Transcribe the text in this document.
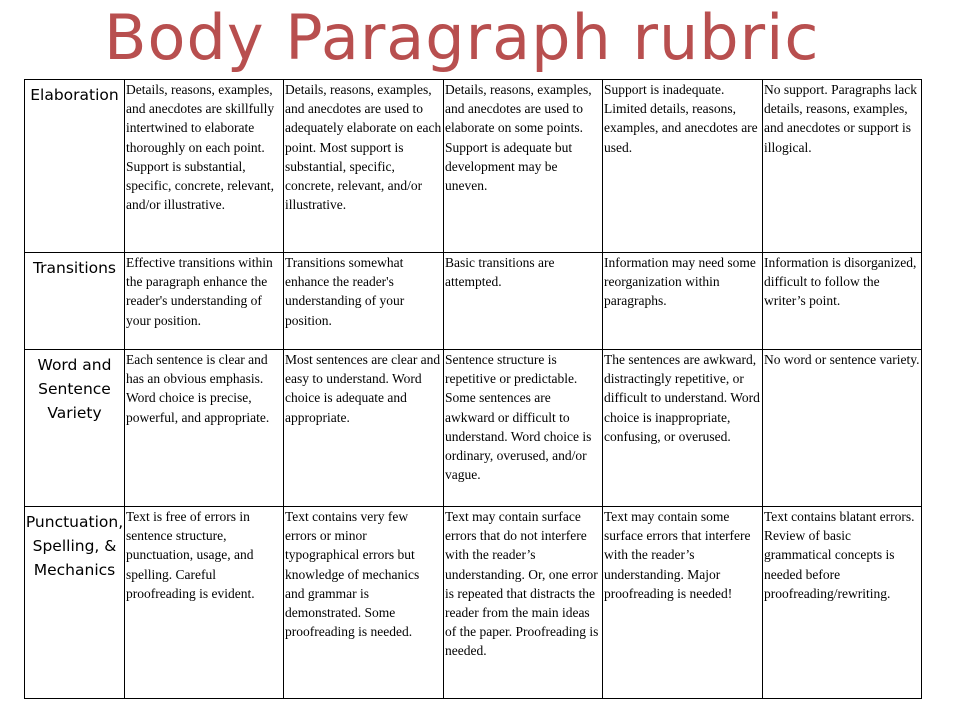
Body Paragraph rubric
Elaboration	Details, reasons, examples, and anecdotes are skillfully intertwined to elaborate thoroughly on each point. Support is substantial, specific, concrete, relevant, and/or illustrative.	Details, reasons, examples, and anecdotes are used to adequately elaborate on each point. Most support is substantial, specific, concrete, relevant, and/or illustrative.	Details, reasons, examples, and anecdotes are used to elaborate on some points. Support is adequate but development may be uneven.	Support is inadequate. Limited details, reasons, examples, and anecdotes are used.	No support. Paragraphs lack details, reasons, examples, and anecdotes or support is illogical.
Transitions	Effective transitions within the paragraph enhance the reader's understanding of your position.	Transitions somewhat enhance the reader's understanding of your position.	Basic transitions are attempted.	Information may need some reorganization within paragraphs.	Information is disorganized, difficult to follow the writer’s point.
Word and Sentence Variety	Each sentence is clear and has an obvious emphasis. Word choice is precise, powerful, and appropriate.	Most sentences are clear and easy to understand. Word choice is adequate and appropriate.	Sentence structure is repetitive or predictable. Some sentences are awkward or difficult to understand. Word choice is ordinary, overused, and/or vague.	The sentences are awkward, distractingly repetitive, or difficult to understand. Word choice is inappropriate, confusing, or overused.	No word or sentence variety.
Punctuation, Spelling, & Mechanics	Text is free of errors in sentence structure, punctuation, usage, and spelling. Careful proofreading is evident.	Text contains very few errors or minor typographical errors but knowledge of mechanics and grammar is demonstrated. Some proofreading is needed.	Text may contain surface errors that do not interfere with the reader’s understanding. Or, one error is repeated that distracts the reader from the main ideas of the paper. Proofreading is needed.	Text may contain some surface errors that interfere with the reader’s understanding. Major proofreading is needed!	Text contains blatant errors. Review of basic grammatical concepts is needed before proofreading/rewriting.
